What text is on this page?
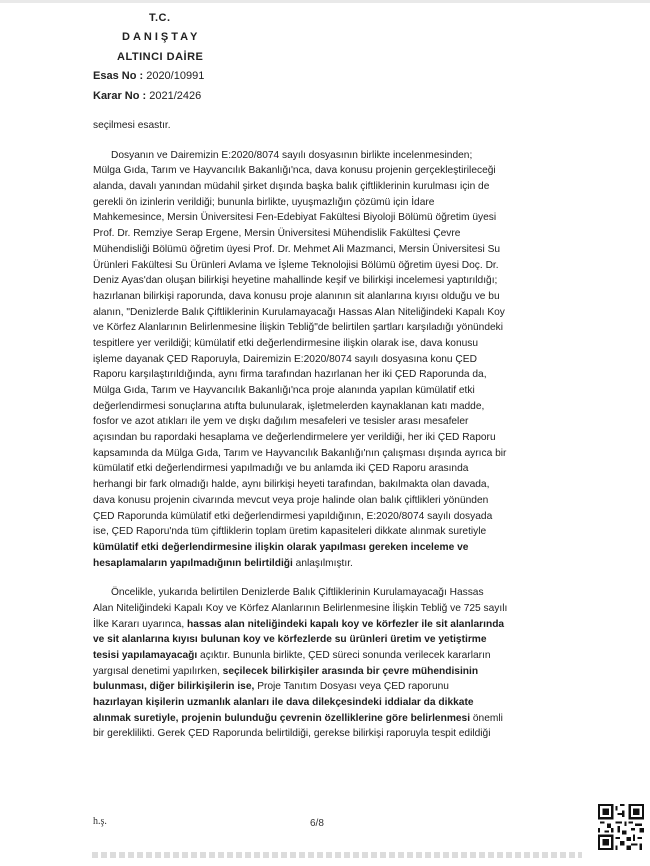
T.C.
DANIŞTAY
ALTINCI DAİRE
Esas No : 2020/10991
Karar No : 2021/2426
seçilmesi esastır.
Dosyanın ve Dairemizin E:2020/8074 sayılı dosyasının birlikte incelenmesinden;
Mülga Gıda, Tarım ve Hayvancılık Bakanlığı'nca, dava konusu projenin gerçekleştirileceği
alanda, davalı yanından müdahil şirket dışında başka balık çiftliklerinin kurulması için de
gerekli ön izinlerin verildiği; bununla birlikte, uyuşmazlığın çözümü için İdare
Mahkemesince, Mersin Üniversitesi Fen-Edebiyat Fakültesi Biyoloji Bölümü öğretim üyesi
Prof. Dr. Remziye Serap Ergene, Mersin Üniversitesi Mühendislik Fakültesi Çevre
Mühendisliği Bölümü öğretim üyesi Prof. Dr. Mehmet Ali Mazmanci, Mersin Üniversitesi Su
Ürünleri Fakültesi Su Ürünleri Avlama ve İşleme Teknolojisi Bölümü öğretim üyesi Doç. Dr.
Deniz Ayas'dan oluşan bilirkişi heyetine mahallinde keşif ve bilirkişi incelemesi yaptırıldığı;
hazırlanan bilirkişi raporunda, dava konusu proje alanının sit alanlarına kıyısı olduğu ve bu
alanın, "Denizlerde Balık Çiftliklerinin Kurulamayacağı Hassas Alan Niteliğindeki Kapalı Koy
ve Körfez Alanlarının Belirlenmesine İlişkin Tebliğ"de belirtilen şartları karşıladığı yönündeki
tespitlere yer verildiği; kümülatif etki değerlendirmesine ilişkin olarak ise, dava konusu
işleme dayanak ÇED Raporuyla, Dairemizin E:2020/8074 sayılı dosyasına konu ÇED
Raporu karşılaştırıldığında, aynı firma tarafından hazırlanan her iki ÇED Raporunda da,
Mülga Gıda, Tarım ve Hayvancılık Bakanlığı'nca proje alanında yapılan kümülatif etki
değerlendirmesi sonuçlarına atıfta bulunularak, işletmelerden kaynaklanan katı madde,
fosfor ve azot atıkları ile yem ve dışkı dağılım mesafeleri ve tesisler arası mesafeler
açısından bu rapordaki hesaplama ve değerlendirmelere yer verildiği, her iki ÇED Raporu
kapsamında da Mülga Gıda, Tarım ve Hayvancılık Bakanlığı'nın çalışması dışında ayrıca bir
kümülatif etki değerlendirmesi yapılmadığı ve bu anlamda iki ÇED Raporu arasında
herhangi bir fark olmadığı halde, aynı bilirkişi heyeti tarafından, bakılmakta olan davada,
dava konusu projenin civarında mevcut veya proje halinde olan balık çiftlikleri yönünden
ÇED Raporunda kümülatif etki değerlendirmesi yapıldığının, E:2020/8074 sayılı dosyada
ise, ÇED Raporu'nda tüm çiftliklerin toplam üretim kapasiteleri dikkate alınmak suretiyle
kümülatif etki değerlendirmesine ilişkin olarak yapılması gereken inceleme ve
hesaplamaların yapılmadığının belirtildiği anlaşılmıştır.
Öncelikle, yukarıda belirtilen Denizlerde Balık Çiftliklerinin Kurulamayacağı Hassas
Alan Niteliğindeki Kapalı Koy ve Körfez Alanlarının Belirlenmesine İlişkin Tebliğ ve 725 sayılı
İlke Kararı uyarınca, hassas alan niteliğindeki kapalı koy ve körfezler ile sit alanlarında
ve sit alanlarına kıyısı bulunan koy ve körfezlerde su ürünleri üretim ve yetiştirme
tesisi yapılamayacağı açıktır. Bununla birlikte, ÇED süreci sonunda verilecek kararların
yargısal denetimi yapılırken, seçilecek bilirkişiler arasında bir çevre mühendisinin
bulunması, diğer bilirkişilerin ise, Proje Tanıtım Dosyası veya ÇED raporunu
hazırlayan kişilerin uzmanlık alanları ile dava dilekçesindeki iddialar da dikkate
alınmak suretiyle, projenin bulunduğu çevrenin özelliklerine göre belirlenmesi önemli
bir gereklilikti. Gerek ÇED Raporunda belirtildiği, gerekse bilirkişi raporuyla tespit edildiği
h.ş.	6/8
